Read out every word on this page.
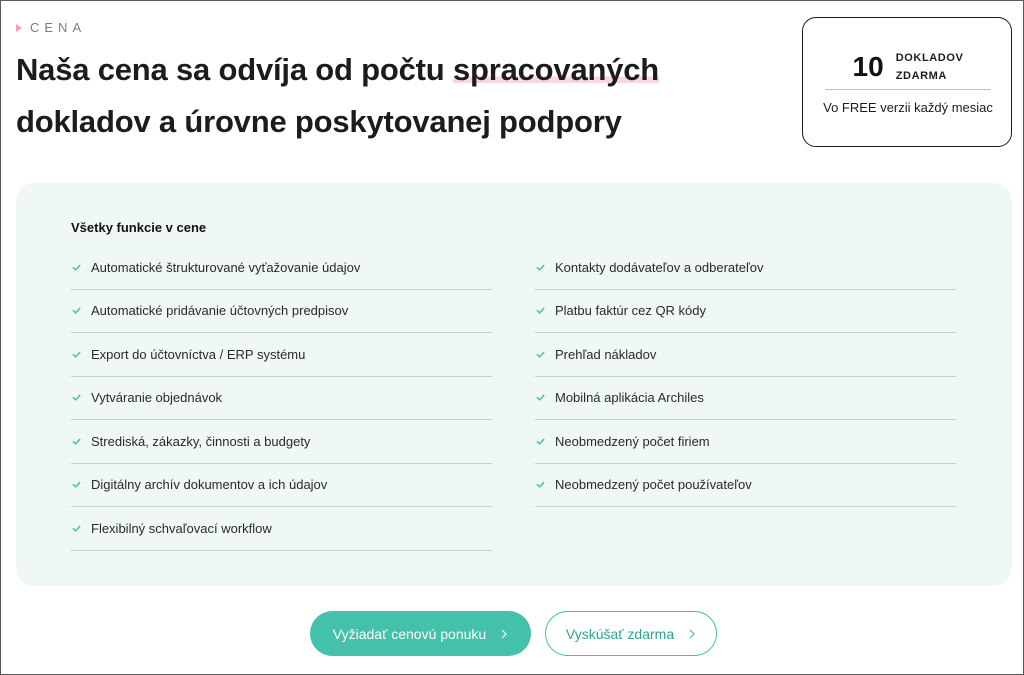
CENA
Naša cena sa odvíja od počtu spracovaných
dokladov a úrovne poskytovanej podpory
10 DOKLADOV
ZDARMA
Vo FREE verzii každý mesiac
Všetky funkcie v cene
Automatické štrukturované vyťažovanie údajov
Automatické pridávanie účtovných predpisov
Export do účtovníctva / ERP systému
Vytváranie objednávok
Strediská, zákazky, činnosti a budgety
Digitálny archív dokumentov a ich údajov
Flexibilný schvaľovací workflow
Kontakty dodávateľov a odberateľov
Platbu faktúr cez QR kódy
Prehľad nákladov
Mobilná aplikácia Archiles
Neobmedzený počet firiem
Neobmedzený počet používateľov
Vyžiadať cenovú ponuku	Vyskúšať zdarma
